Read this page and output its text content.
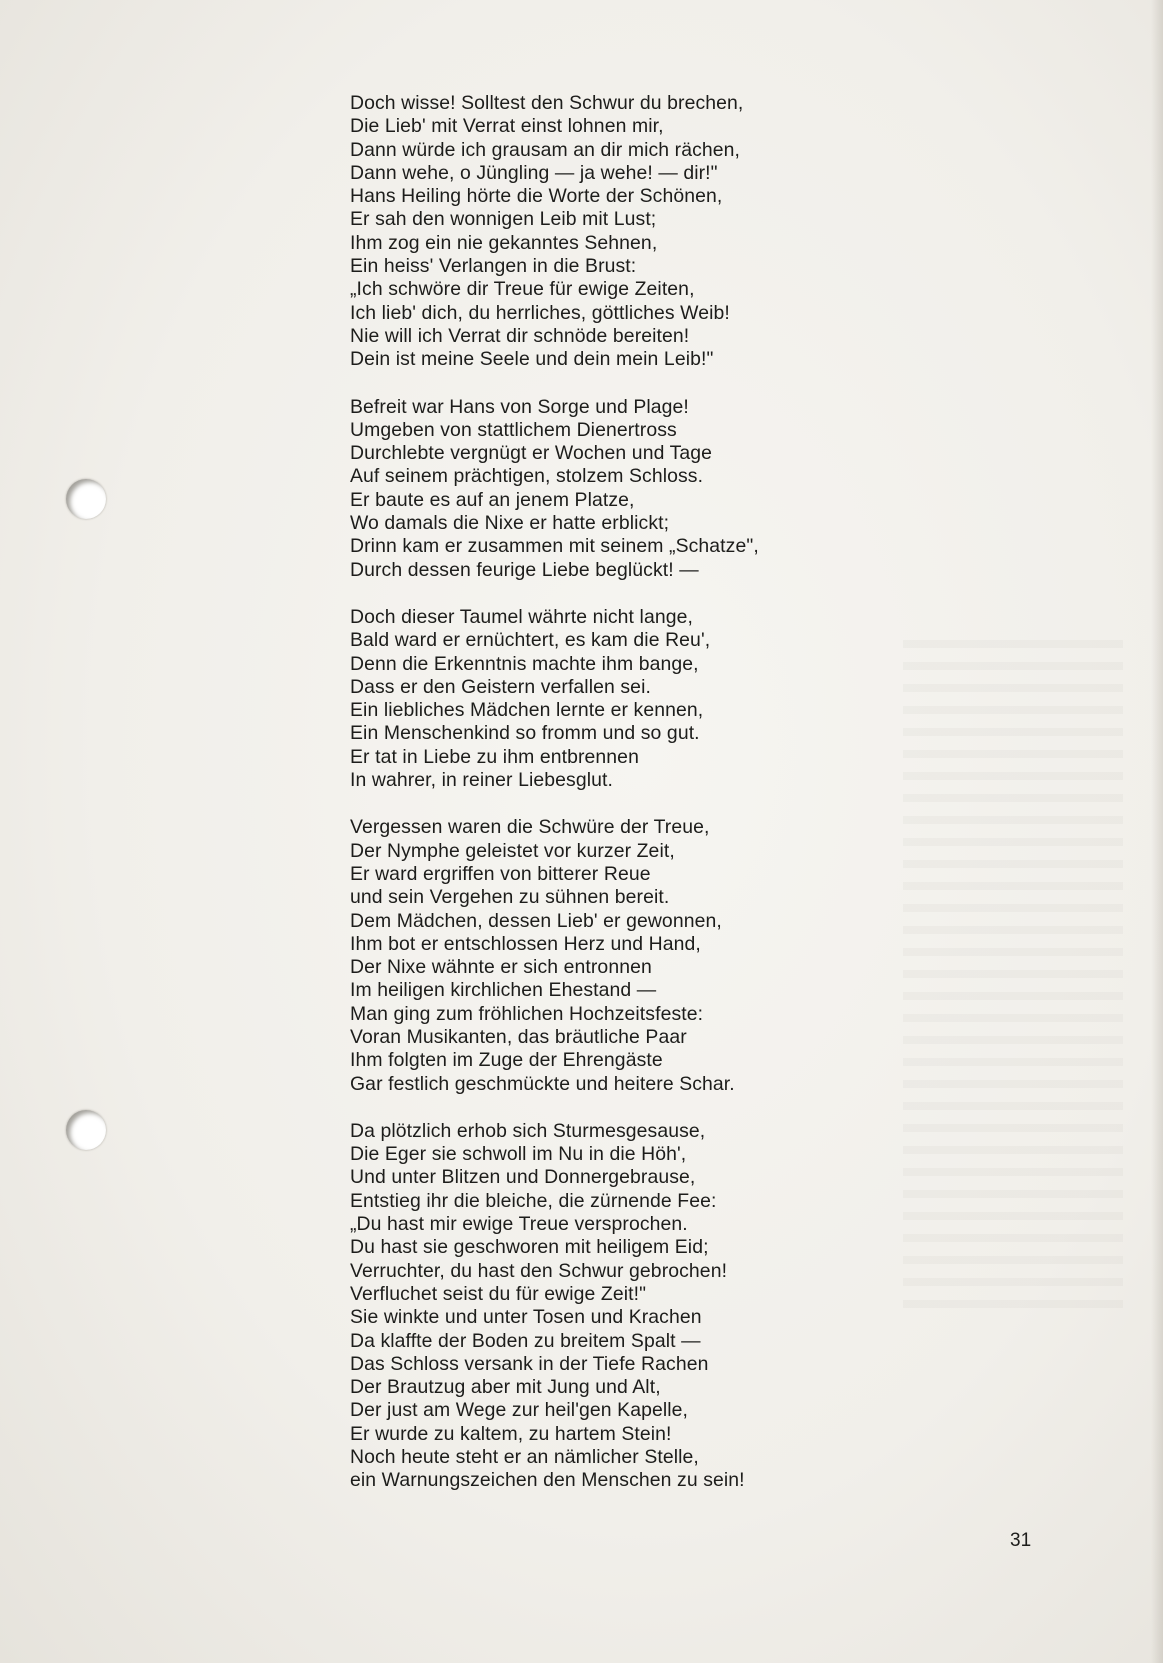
Doch wisse! Solltest den Schwur du brechen,
Die Lieb' mit Verrat einst lohnen mir,
Dann würde ich grausam an dir mich rächen,
Dann wehe, o Jüngling — ja wehe! — dir!"
Hans Heiling hörte die Worte der Schönen,
Er sah den wonnigen Leib mit Lust;
Ihm zog ein nie gekanntes Sehnen,
Ein heiss' Verlangen in die Brust:
„Ich schwöre dir Treue für ewige Zeiten,
Ich lieb' dich, du herrliches, göttliches Weib!
Nie will ich Verrat dir schnöde bereiten!
Dein ist meine Seele und dein mein Leib!"
Befreit war Hans von Sorge und Plage!
Umgeben von stattlichem Dienertross
Durchlebte vergnügt er Wochen und Tage
Auf seinem prächtigen, stolzem Schloss.
Er baute es auf an jenem Platze,
Wo damals die Nixe er hatte erblickt;
Drinn kam er zusammen mit seinem „Schatze",
Durch dessen feurige Liebe beglückt! —
Doch dieser Taumel währte nicht lange,
Bald ward er ernüchtert, es kam die Reu',
Denn die Erkenntnis machte ihm bange,
Dass er den Geistern verfallen sei.
Ein liebliches Mädchen lernte er kennen,
Ein Menschenkind so fromm und so gut.
Er tat in Liebe zu ihm entbrennen
In wahrer, in reiner Liebesglut.
Vergessen waren die Schwüre der Treue,
Der Nymphe geleistet vor kurzer Zeit,
Er ward ergriffen von bitterer Reue
und sein Vergehen zu sühnen bereit.
Dem Mädchen, dessen Lieb' er gewonnen,
Ihm bot er entschlossen Herz und Hand,
Der Nixe wähnte er sich entronnen
Im heiligen kirchlichen Ehestand —
Man ging zum fröhlichen Hochzeitsfeste:
Voran Musikanten, das bräutliche Paar
Ihm folgten im Zuge der Ehrengäste
Gar festlich geschmückte und heitere Schar.
Da plötzlich erhob sich Sturmesgesause,
Die Eger sie schwoll im Nu in die Höh',
Und unter Blitzen und Donnergebrause,
Entstieg ihr die bleiche, die zürnende Fee:
„Du hast mir ewige Treue versprochen.
Du hast sie geschworen mit heiligem Eid;
Verruchter, du hast den Schwur gebrochen!
Verfluchet seist du für ewige Zeit!"
Sie winkte und unter Tosen und Krachen
Da klaffte der Boden zu breitem Spalt —
Das Schloss versank in der Tiefe Rachen
Der Brautzug aber mit Jung und Alt,
Der just am Wege zur heil'gen Kapelle,
Er wurde zu kaltem, zu hartem Stein!
Noch heute steht er an nämlicher Stelle,
ein Warnungszeichen den Menschen zu sein!
31
